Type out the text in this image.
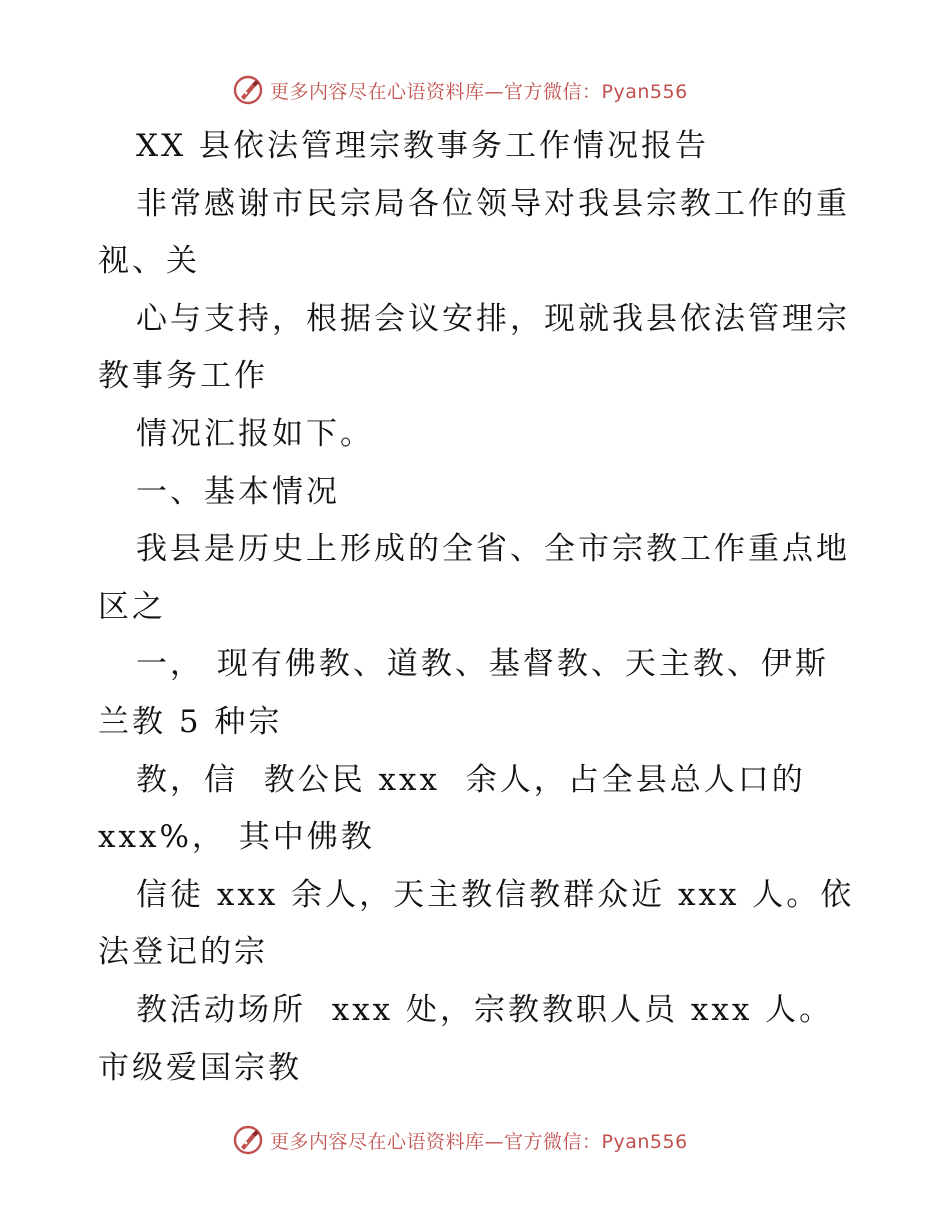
更多内容尽在心语资料库—官方微信：Pyan556
XX 县依法管理宗教事务工作情况报告
非常感谢市民宗局各位领导对我县宗教工作的重
视、关
心与支持，根据会议安排，现就我县依法管理宗
教事务工作
情况汇报如下。
一、基本情况
我县是历史上形成的全省、全市宗教工作重点地
区之
一， 现有佛教、道教、基督教、天主教、伊斯
兰教 5 种宗
教，信  教公民 xxx  余人，占全县总人口的
xxx%， 其中佛教
信徒 xxx 余人，天主教信教群众近 xxx 人。依
法登记的宗
教活动场所  xxx 处，宗教教职人员 xxx 人。
市级爱国宗教
更多内容尽在心语资料库—官方微信：Pyan556
